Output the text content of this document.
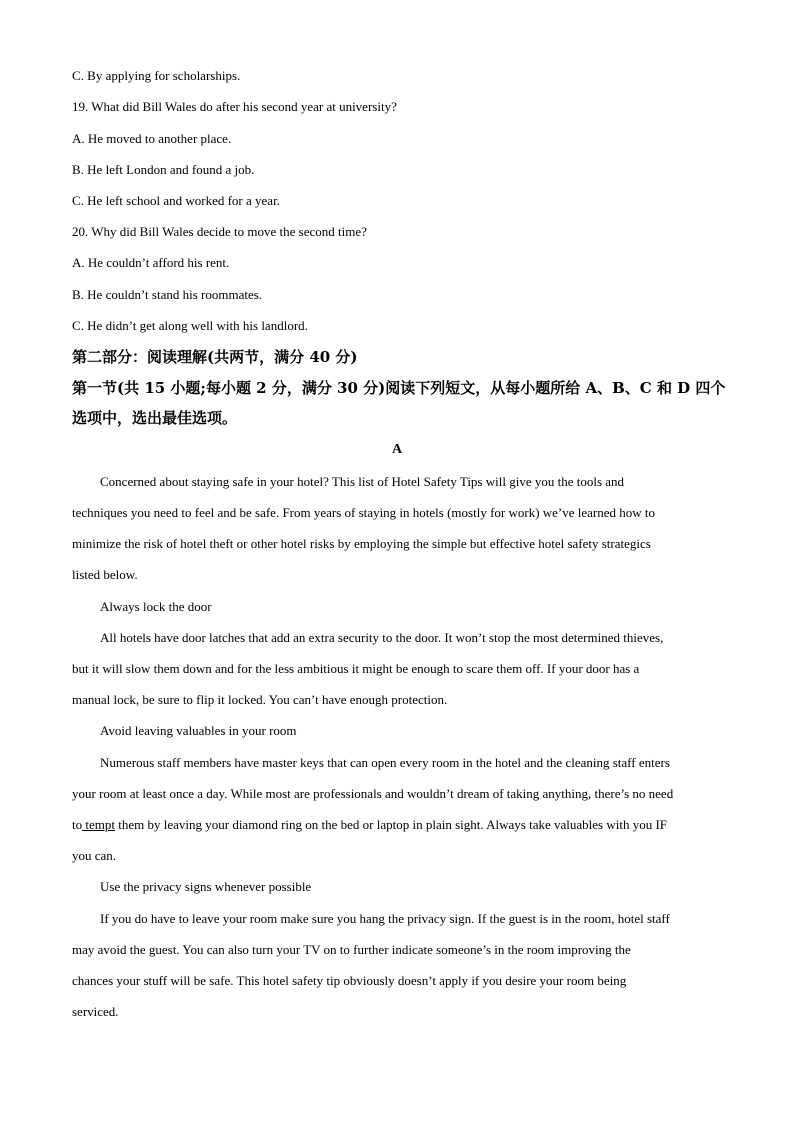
C. By applying for scholarships.
19. What did Bill Wales do after his second year at university?
A. He moved to another place.
B. He left London and found a job.
C. He left school and worked for a year.
20. Why did Bill Wales decide to move the second time?
A. He couldn’t afford his rent.
B. He couldn’t stand his roommates.
C. He didn’t get along well with his landlord.
第二部分：阅读理解(共两节，满分 40 分)
第一节(共 15 小题;每小题 2 分，满分 30 分)阅读下列短文，从每小题所给 A、B、C 和 D 四个
选项中，选出最佳选项。
A
Concerned about staying safe in your hotel? This list of Hotel Safety Tips will give you the tools and
techniques you need to feel and be safe. From years of staying in hotels (mostly for work) we’ve learned how to
minimize the risk of hotel theft or other hotel risks by employing the simple but effective hotel safety strategics
listed below.
Always lock the door
All hotels have door latches that add an extra security to the door. It won’t stop the most determined thieves,
but it will slow them down and for the less ambitious it might be enough to scare them off. If your door has a
manual lock, be sure to flip it locked. You can’t have enough protection.
Avoid leaving valuables in your room
Numerous staff members have master keys that can open every room in the hotel and the cleaning staff enters
your room at least once a day. While most are professionals and wouldn’t dream of taking anything, there’s no need
to tempt them by leaving your diamond ring on the bed or laptop in plain sight. Always take valuables with you IF
you can.
Use the privacy signs whenever possible
If you do have to leave your room make sure you hang the privacy sign. If the guest is in the room, hotel staff
may avoid the guest. You can also turn your TV on to further indicate someone’s in the room improving the
chances your stuff will be safe. This hotel safety tip obviously doesn’t apply if you desire your room being
serviced.
